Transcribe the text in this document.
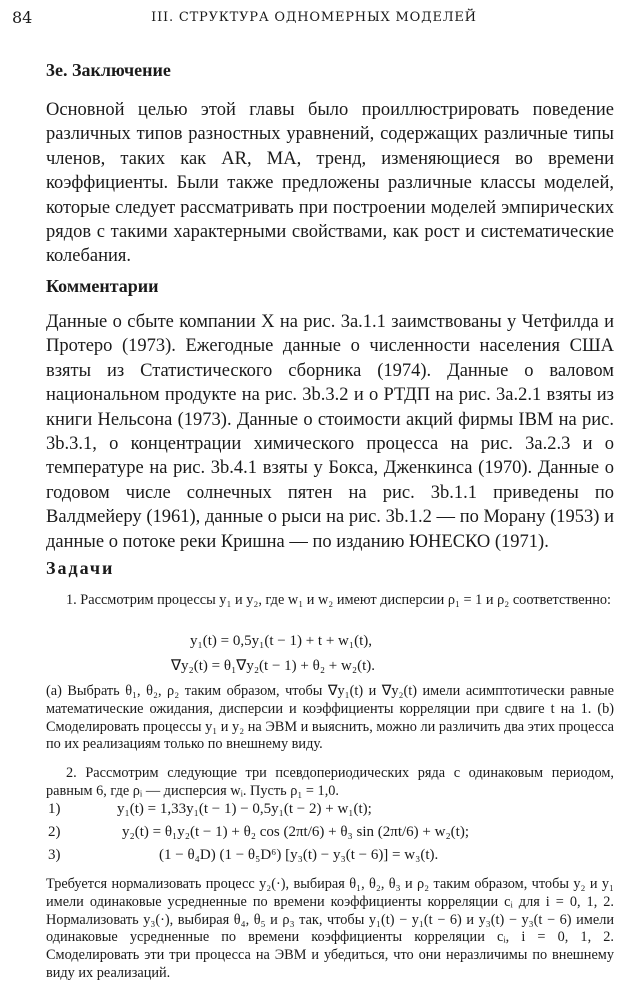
84	III. СТРУКТУРА ОДНОМЕРНЫХ МОДЕЛЕЙ
3e. Заключение
Основной целью этой главы было проиллюстрировать поведение различных типов разностных уравнений, содержащих различные типы членов, таких как AR, MA, тренд, изменяющиеся во времени коэффициенты. Были также предложены различные классы моделей, которые следует рассматривать при построении моделей эмпирических рядов с такими характерными свойствами, как рост и систематические колебания.
Комментарии
Данные о сбыте компании X на рис. 3a.1.1 заимствованы у Четфилда и Протеро (1973). Ежегодные данные о численности населения США взяты из Статистического сборника (1974). Данные о валовом национальном продукте на рис. 3b.3.2 и о РТДП на рис. 3a.2.1 взяты из книги Нельсона (1973). Данные о стоимости акций фирмы IBM на рис. 3b.3.1, о концентрации химического процесса на рис. 3a.2.3 и о температуре на рис. 3b.4.1 взяты у Бокса, Дженкинса (1970). Данные о годовом числе солнечных пятен на рис. 3b.1.1 приведены по Валдмейеру (1961), данные о рыси на рис. 3b.1.2 — по Морану (1953) и данные о потоке реки Кришна — по изданию ЮНЕСКО (1971).
Задачи

1. Рассмотрим процессы y₁ и y₂, где w₁ и w₂ имеют дисперсии ρ₁ = 1 и ρ₂ соответственно:

y₁(t) = 0,5y₁(t − 1) + t + w₁(t),
∇y₂(t) = θ₁∇y₂(t − 1) + θ₂ + w₂(t).

(a) Выбрать θ₁, θ₂, ρ₂ таким образом, чтобы ∇y₁(t) и ∇y₂(t) имели асимптотически равные математические ожидания, дисперсии и коэффициенты корреляции при сдвиге t на 1. (b) Смоделировать процессы y₁ и y₂ на ЭВМ и выяснить, можно ли различить два этих процесса по их реализациям только по внешнему виду.

2. Рассмотрим следующие три псевдопериодических ряда с одинаковым периодом, равным 6, где ρᵢ — дисперсия wᵢ. Пусть ρ₁ = 1,0.

1)	y₁(t) = 1,33y₁(t − 1) − 0,5y₁(t − 2) + w₁(t);
2)	y₂(t) = θ₁y₂(t − 1) + θ₂ cos (2πt/6) + θ₃ sin (2πt/6) + w₂(t);
3)	(1 − θ₄D) (1 − θ₅D⁶) [y₃(t) − y₃(t − 6)] = w₃(t).

Требуется нормализовать процесс y₂(·), выбирая θ₁, θ₂, θ₃ и ρ₂ таким образом, чтобы y₂ и y₁ имели одинаковые усредненные по времени коэффициенты корреляции cᵢ для i = 0, 1, 2. Нормализовать y₃(·), выбирая θ₄, θ₅ и ρ₃ так, чтобы y₁(t) − y₁(t − 6) и y₃(t) − y₃(t − 6) имели одинаковые усредненные по времени коэффициенты корреляции cᵢ, i = 0, 1, 2. Смоделировать эти три процесса на ЭВМ и убедиться, что они неразличимы по внешнему виду их реализаций.
